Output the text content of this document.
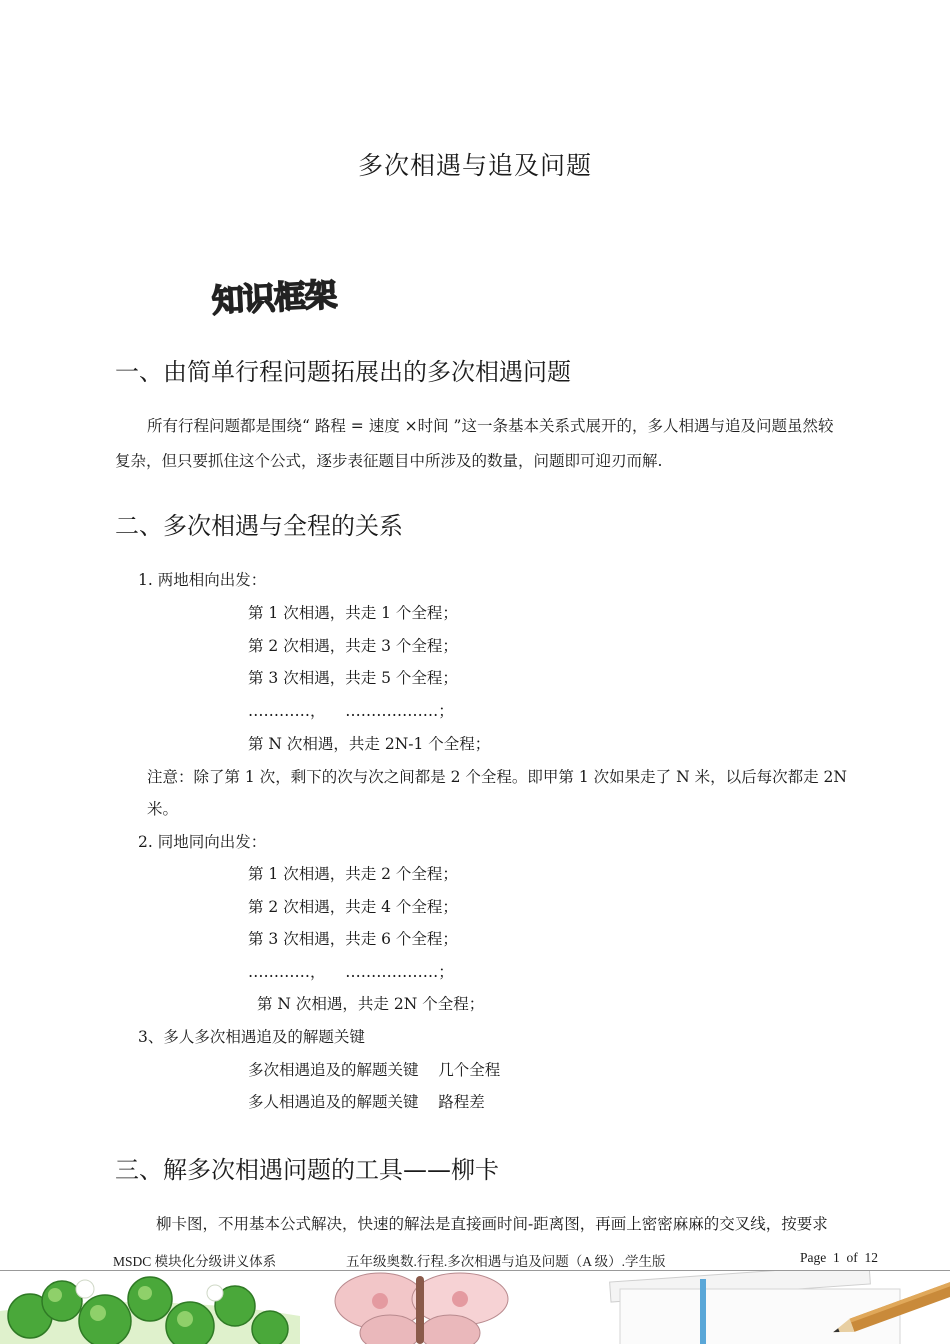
多次相遇与追及问题
知识框架
一、由简单行程问题拓展出的多次相遇问题
所有行程问题都是围绕“ 路程 = 速度 ×时间 ”这一条基本关系式展开的，多人相遇与追及问题虽然较
复杂，但只要抓住这个公式，逐步表征题目中所涉及的数量，问题即可迎刃而解.
二、多次相遇与全程的关系
1. 两地相向出发：
第 1 次相遇，共走 1 个全程；
第 2 次相遇，共走 3 个全程；
第 3 次相遇，共走 5 个全程；
…………，    ………………；
第 N 次相遇，共走 2N-1 个全程；
注意：除了第 1 次，剩下的次与次之间都是 2 个全程。即甲第 1 次如果走了 N 米，以后每次都走 2N
米。
2. 同地同向出发：
第 1 次相遇，共走 2 个全程；
第 2 次相遇，共走 4 个全程；
第 3 次相遇，共走 6 个全程；
…………，    ………………；
第 N 次相遇，共走 2N 个全程；
3、多人多次相遇追及的解题关键
多次相遇追及的解题关键    几个全程
多人相遇追及的解题关键    路程差
三、解多次相遇问题的工具——柳卡
柳卡图，不用基本公式解决，快速的解法是直接画时间-距离图，再画上密密麻麻的交叉线，按要求
MSDC 模块化分级讲义体系	五年级奥数.行程.多次相遇与追及问题（A 级）.学生版	Page  1  of  12
